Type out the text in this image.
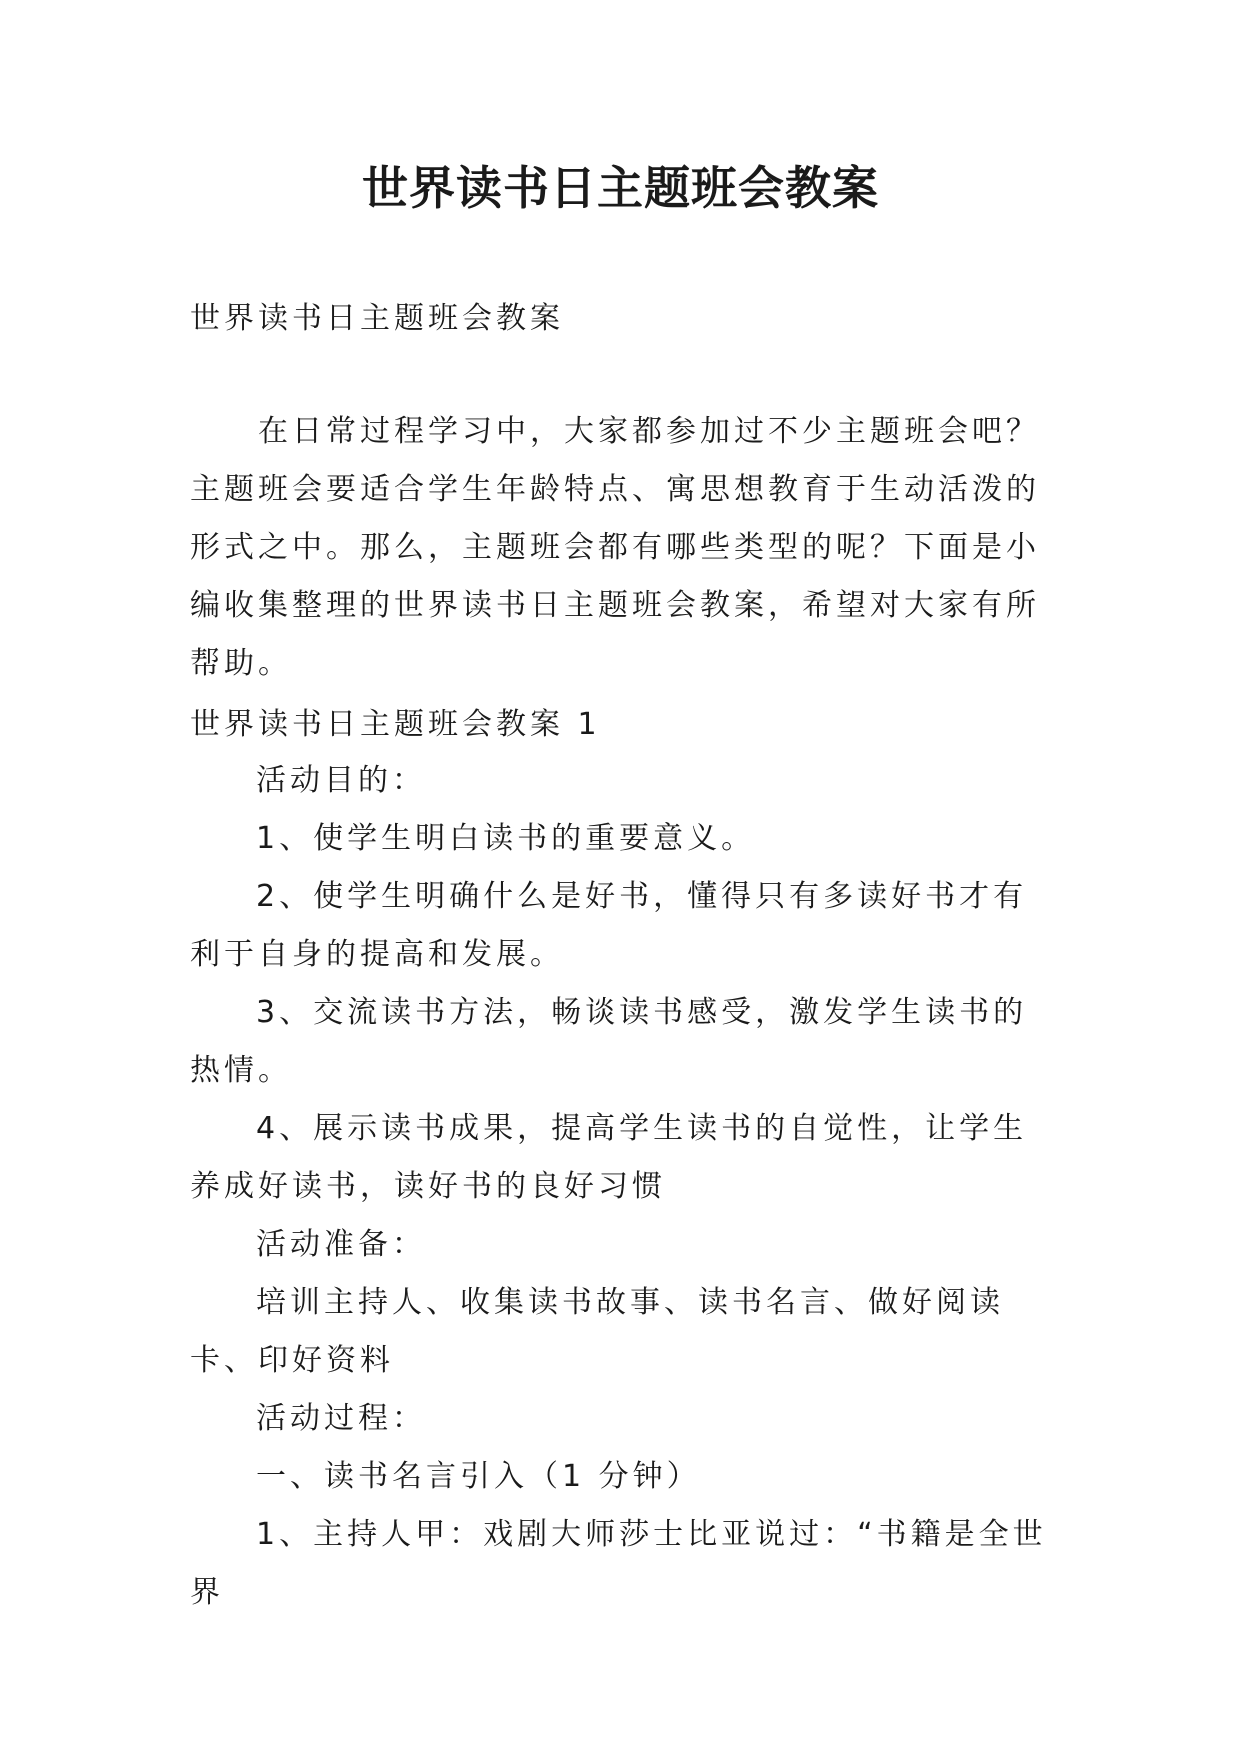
世界读书日主题班会教案

世界读书日主题班会教案

在日常过程学习中，大家都参加过不少主题班会吧？主题班会要适合学生年龄特点、寓思想教育于生动活泼的形式之中。那么，主题班会都有哪些类型的呢？下面是小编收集整理的世界读书日主题班会教案，希望对大家有所帮助。

世界读书日主题班会教案 1

活动目的：

1、使学生明白读书的重要意义。

2、使学生明确什么是好书，懂得只有多读好书才有利于自身的提高和发展。

3、交流读书方法，畅谈读书感受，激发学生读书的热情。

4、展示读书成果，提高学生读书的自觉性，让学生养成好读书，读好书的良好习惯

活动准备：

培训主持人、收集读书故事、读书名言、做好阅读卡、印好资料

活动过程：

一、读书名言引入（1 分钟）

1、主持人甲：戏剧大师莎士比亚说过：“书籍是全世界
